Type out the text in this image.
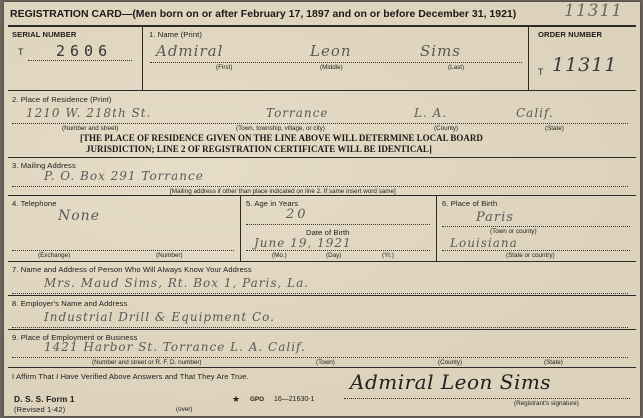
REGISTRATION CARD—(Men born on or after February 17, 1897 and on or before December 31, 1921)	11311
SERIAL NUMBER
T 2606
1. Name (Print)
Admiral	Leon	Sims
(First)	(Middle)	(Last)
ORDER NUMBER
T 11311
2. Place of Residence (Print)
1210 W. 218th St.	Torrance	L. A.	Calif.
(Number and street)	(Town, township, village, or city)	(County)	(State)
[THE PLACE OF RESIDENCE GIVEN ON THE LINE ABOVE WILL DETERMINE LOCAL BOARD
JURISDICTION; LINE 2 OF REGISTRATION CERTIFICATE WILL BE IDENTICAL]
3. Mailing Address
P. O. Box 291 Torrance
[Mailing address if other than place indicated on line 2. If same insert word same]
4. Telephone
None
(Exchange)	(Number)
5. Age in Years
20
Date of Birth
June 19, 1921
(Mo.)	(Day)	(Yr.)
6. Place of Birth
Paris
(Town or county)
Louisiana
(State or country)
7. Name and Address of Person Who Will Always Know Your Address
Mrs. Maud Sims, Rt. Box 1, Paris, La.
8. Employer's Name and Address
Industrial Drill & Equipment Co.
9. Place of Employment or Business
1421 Harbor St. Torrance L. A. Calif.
(Number and street or R. F. D. number)	(Town)	(County)	(State)
I Affirm That I Have Verified Above Answers and That They Are True.
D. S. S. Form 1
(Revised 1-42)	(over)
★ GPO 16—21630-1
Admiral Leon Sims
(Registrant's signature)
